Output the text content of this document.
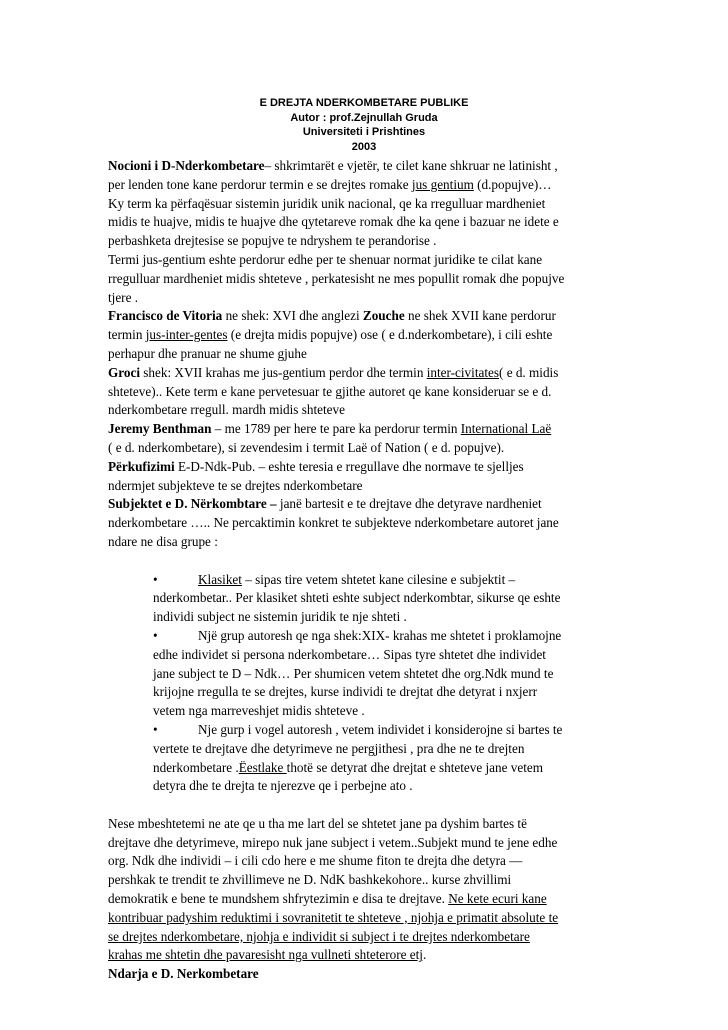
E DREJTA NDERKOMBETARE PUBLIKE
Autor : prof.Zejnullah Gruda
Universiteti i Prishtines
2003
Nocioni i D-Nderkombetare– shkrimtarët e vjetër, te cilet kane shkruar ne latinisht ,
per lenden tone kane perdorur termin e se drejtes romake jus gentium (d.popujve)…
Ky term ka përfaqësuar sistemin juridik unik nacional, qe ka rregulluar mardheniet
midis te huajve, midis te huajve dhe qytetareve romak dhe ka qene i bazuar ne idete e
perbashketa drejtesise se popujve te ndryshem te perandorise .
Termi jus-gentium eshte perdorur edhe per te shenuar normat juridike te cilat kane
rregulluar mardheniet midis shteteve , perkatesisht ne mes popullit romak dhe popujve
tjere .
Francisco de Vitoria ne shek: XVI dhe anglezi Zouche ne shek XVII kane perdorur
termin jus-inter-gentes (e drejta midis popujve) ose ( e d.nderkombetare), i cili eshte
perhapur dhe pranuar ne shume gjuhe
Groci shek: XVII krahas me jus-gentium perdor dhe termin inter-civitates( e d. midis
shteteve).. Kete term e kane pervetesuar te gjithe autoret qe kane konsideruar se e d.
nderkombetare rregull. mardh midis shteteve
Jeremy Benthman – me 1789 per here te pare ka perdorur termin International Laë
( e d. nderkombetare), si zevendesim i termit Laë of Nation ( e d. popujve).
Përkufizimi E-D-Ndk-Pub. – eshte teresia e rregullave dhe normave te sjelljes
ndermjet subjekteve te se drejtes nderkombetare
Subjektet e D. Nërkombtare – janë bartesit e te drejtave dhe detyrave nardheniet
nderkombetare ….. Ne percaktimin konkret te subjekteve nderkombetare autoret jane
ndare ne disa grupe :
•	Klasiket – sipas tire vetem shtetet kane cilesine e subjektit –
nderkombetar.. Per klasiket shteti eshte subject nderkombtar, sikurse qe eshte
individi subject ne sistemin juridik te nje shteti .
•	Një grup autoresh qe nga shek:XIX- krahas me shtetet i proklamojne
edhe individet si persona nderkombetare… Sipas tyre shtetet dhe individet
jane subject te D – Ndk… Per shumicen vetem shtetet dhe org.Ndk mund te
krijojne rregulla te se drejtes, kurse individi te drejtat dhe detyrat i nxjerr
vetem nga marreveshjet midis shteteve .
•	Nje gurp i vogel autoresh , vetem individet i konsiderojne si bartes te
vertete te drejtave dhe detyrimeve ne pergjithesi , pra dhe ne te drejten
nderkombetare .Ëestlake thotë se detyrat dhe drejtat e shteteve jane vetem
detyra dhe te drejta te njerezve qe i perbejne ato .
Nese mbeshtetemi ne ate qe u tha me lart del se shtetet jane pa dyshim bartes të
drejtave dhe detyrimeve, mirepo nuk jane subject i vetem..Subjekt mund te jene edhe
org. Ndk dhe individi – i cili cdo here e me shume fiton te drejta dhe detyra —
pershkak te trendit te zhvillimeve ne D. NdK bashkekohore.. kurse zhvillimi
demokratik e bene te mundshem shfrytezimin e disa te drejtave. Ne kete ecuri kane
kontribuar padyshim reduktimi i sovranitetit te shteteve , njohja e primatit absolute te
se drejtes nderkombetare, njohja e individit si subject i te drejtes nderkombetare
krahas me shtetin dhe pavaresisht nga vullneti shteterore etj.
Ndarja e D. Nerkombetare
